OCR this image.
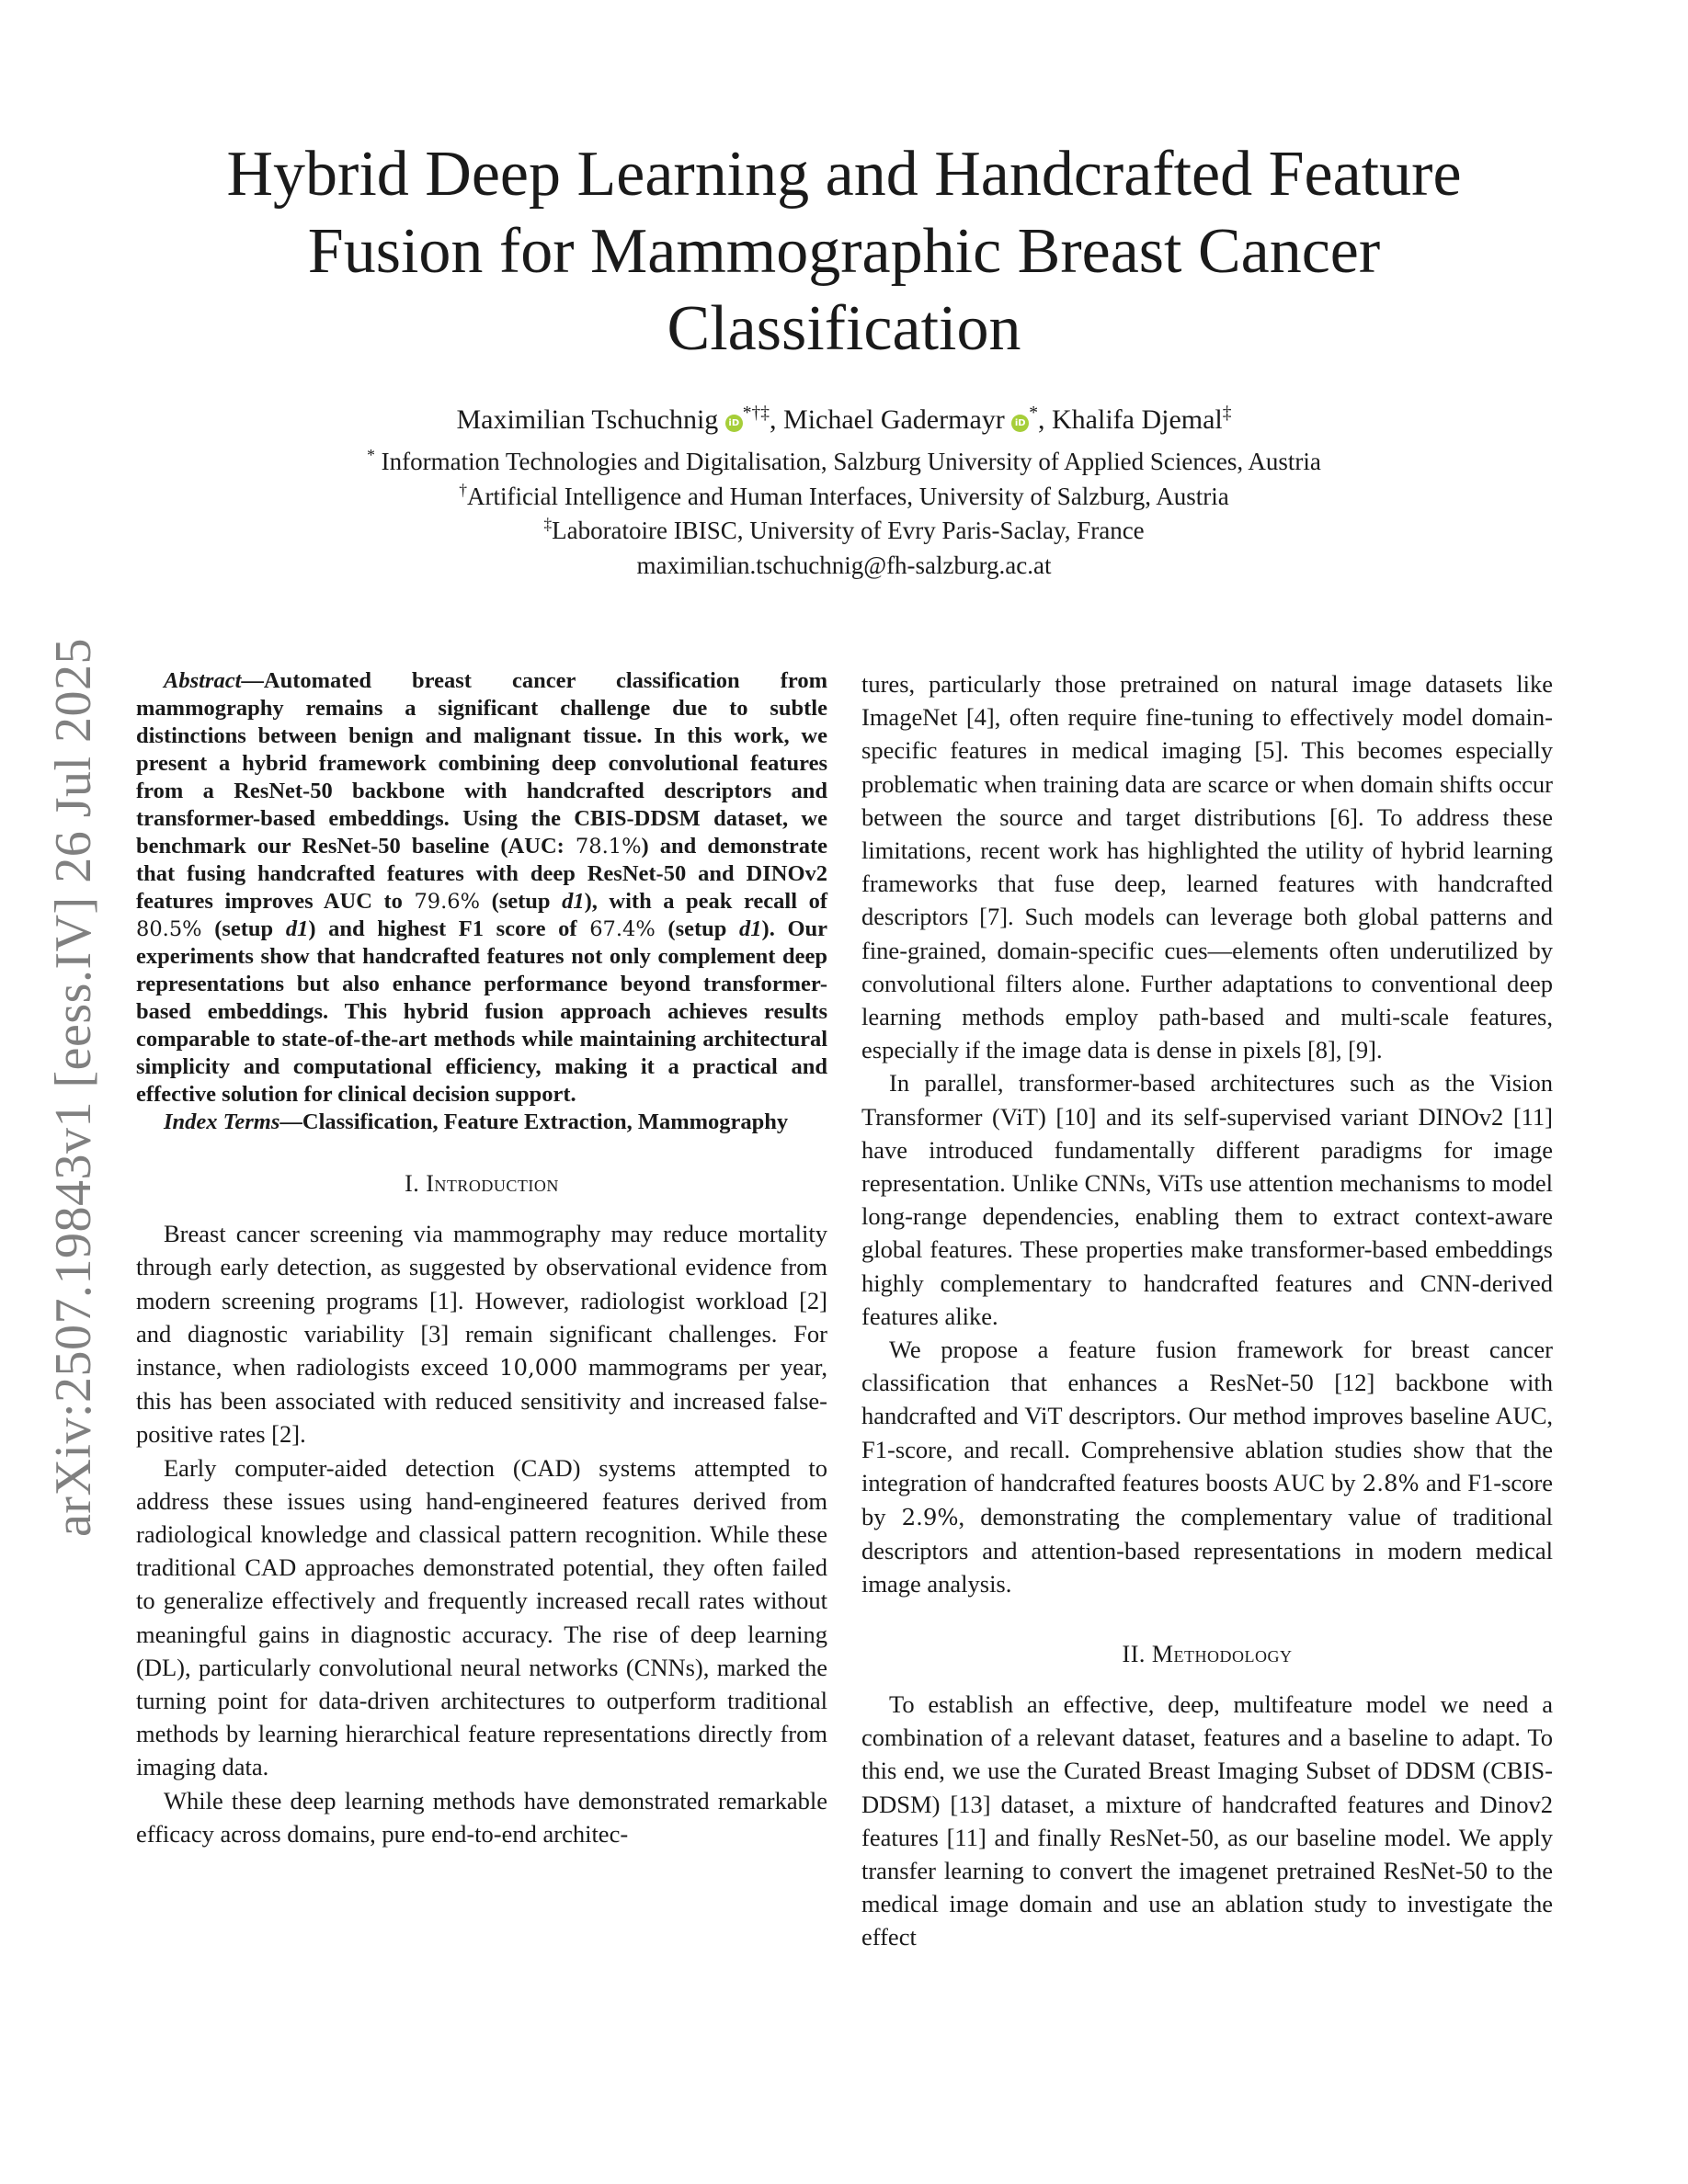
arXiv:2507.19843v1 [eess.IV] 26 Jul 2025
Hybrid Deep Learning and Handcrafted Feature Fusion for Mammographic Breast Cancer Classification
Maximilian Tschuchnig iD*†‡, Michael Gadermayr iD*, Khalifa Djemal‡
* Information Technologies and Digitalisation, Salzburg University of Applied Sciences, Austria
†Artificial Intelligence and Human Interfaces, University of Salzburg, Austria
‡Laboratoire IBISC, University of Evry Paris-Saclay, France
maximilian.tschuchnig@fh-salzburg.ac.at

Abstract—Automated breast cancer classification from mammography remains a significant challenge due to subtle distinctions between benign and malignant tissue. In this work, we present a hybrid framework combining deep convolutional features from a ResNet-50 backbone with handcrafted descriptors and transformer-based embeddings. Using the CBIS-DDSM dataset, we benchmark our ResNet-50 baseline (AUC: 78.1%) and demonstrate that fusing handcrafted features with deep ResNet-50 and DINOv2 features improves AUC to 79.6% (setup d1), with a peak recall of 80.5% (setup d1) and highest F1 score of 67.4% (setup d1). Our experiments show that handcrafted features not only complement deep representations but also enhance performance beyond transformer-based embeddings. This hybrid fusion approach achieves results comparable to state-of-the-art methods while maintaining architectural simplicity and computational efficiency, making it a practical and effective solution for clinical decision support.

Index Terms—Classification, Feature Extraction, Mammography

I. Introduction

Breast cancer screening via mammography may reduce mortality through early detection, as suggested by observational evidence from modern screening programs [1]. However, radiologist workload [2] and diagnostic variability [3] remain significant challenges. For instance, when radiologists exceed 10,000 mammograms per year, this has been associated with reduced sensitivity and increased false-positive rates [2].

Early computer-aided detection (CAD) systems attempted to address these issues using hand-engineered features derived from radiological knowledge and classical pattern recognition. While these traditional CAD approaches demonstrated potential, they often failed to generalize effectively and frequently increased recall rates without meaningful gains in diagnostic accuracy. The rise of deep learning (DL), particularly convolutional neural networks (CNNs), marked the turning point for data-driven architectures to outperform traditional methods by learning hierarchical feature representations directly from imaging data.

While these deep learning methods have demonstrated remarkable efficacy across domains, pure end-to-end architec-

tures, particularly those pretrained on natural image datasets like ImageNet [4], often require fine-tuning to effectively model domain-specific features in medical imaging [5]. This becomes especially problematic when training data are scarce or when domain shifts occur between the source and target distributions [6]. To address these limitations, recent work has highlighted the utility of hybrid learning frameworks that fuse deep, learned features with handcrafted descriptors [7]. Such models can leverage both global patterns and fine-grained, domain-specific cues—elements often underutilized by convolutional filters alone. Further adaptations to conventional deep learning methods employ path-based and multi-scale features, especially if the image data is dense in pixels [8], [9].

In parallel, transformer-based architectures such as the Vision Transformer (ViT) [10] and its self-supervised variant DINOv2 [11] have introduced fundamentally different paradigms for image representation. Unlike CNNs, ViTs use attention mechanisms to model long-range dependencies, enabling them to extract context-aware global features. These properties make transformer-based embeddings highly complementary to handcrafted features and CNN-derived features alike.

We propose a feature fusion framework for breast cancer classification that enhances a ResNet-50 [12] backbone with handcrafted and ViT descriptors. Our method improves baseline AUC, F1-score, and recall. Comprehensive ablation studies show that the integration of handcrafted features boosts AUC by 2.8% and F1-score by 2.9%, demonstrating the complementary value of traditional descriptors and attention-based representations in modern medical image analysis.

II. Methodology

To establish an effective, deep, multifeature model we need a combination of a relevant dataset, features and a baseline to adapt. To this end, we use the Curated Breast Imaging Subset of DDSM (CBIS-DDSM) [13] dataset, a mixture of handcrafted features and Dinov2 features [11] and finally ResNet-50, as our baseline model. We apply transfer learning to convert the imagenet pretrained ResNet-50 to the medical image domain and use an ablation study to investigate the effect
